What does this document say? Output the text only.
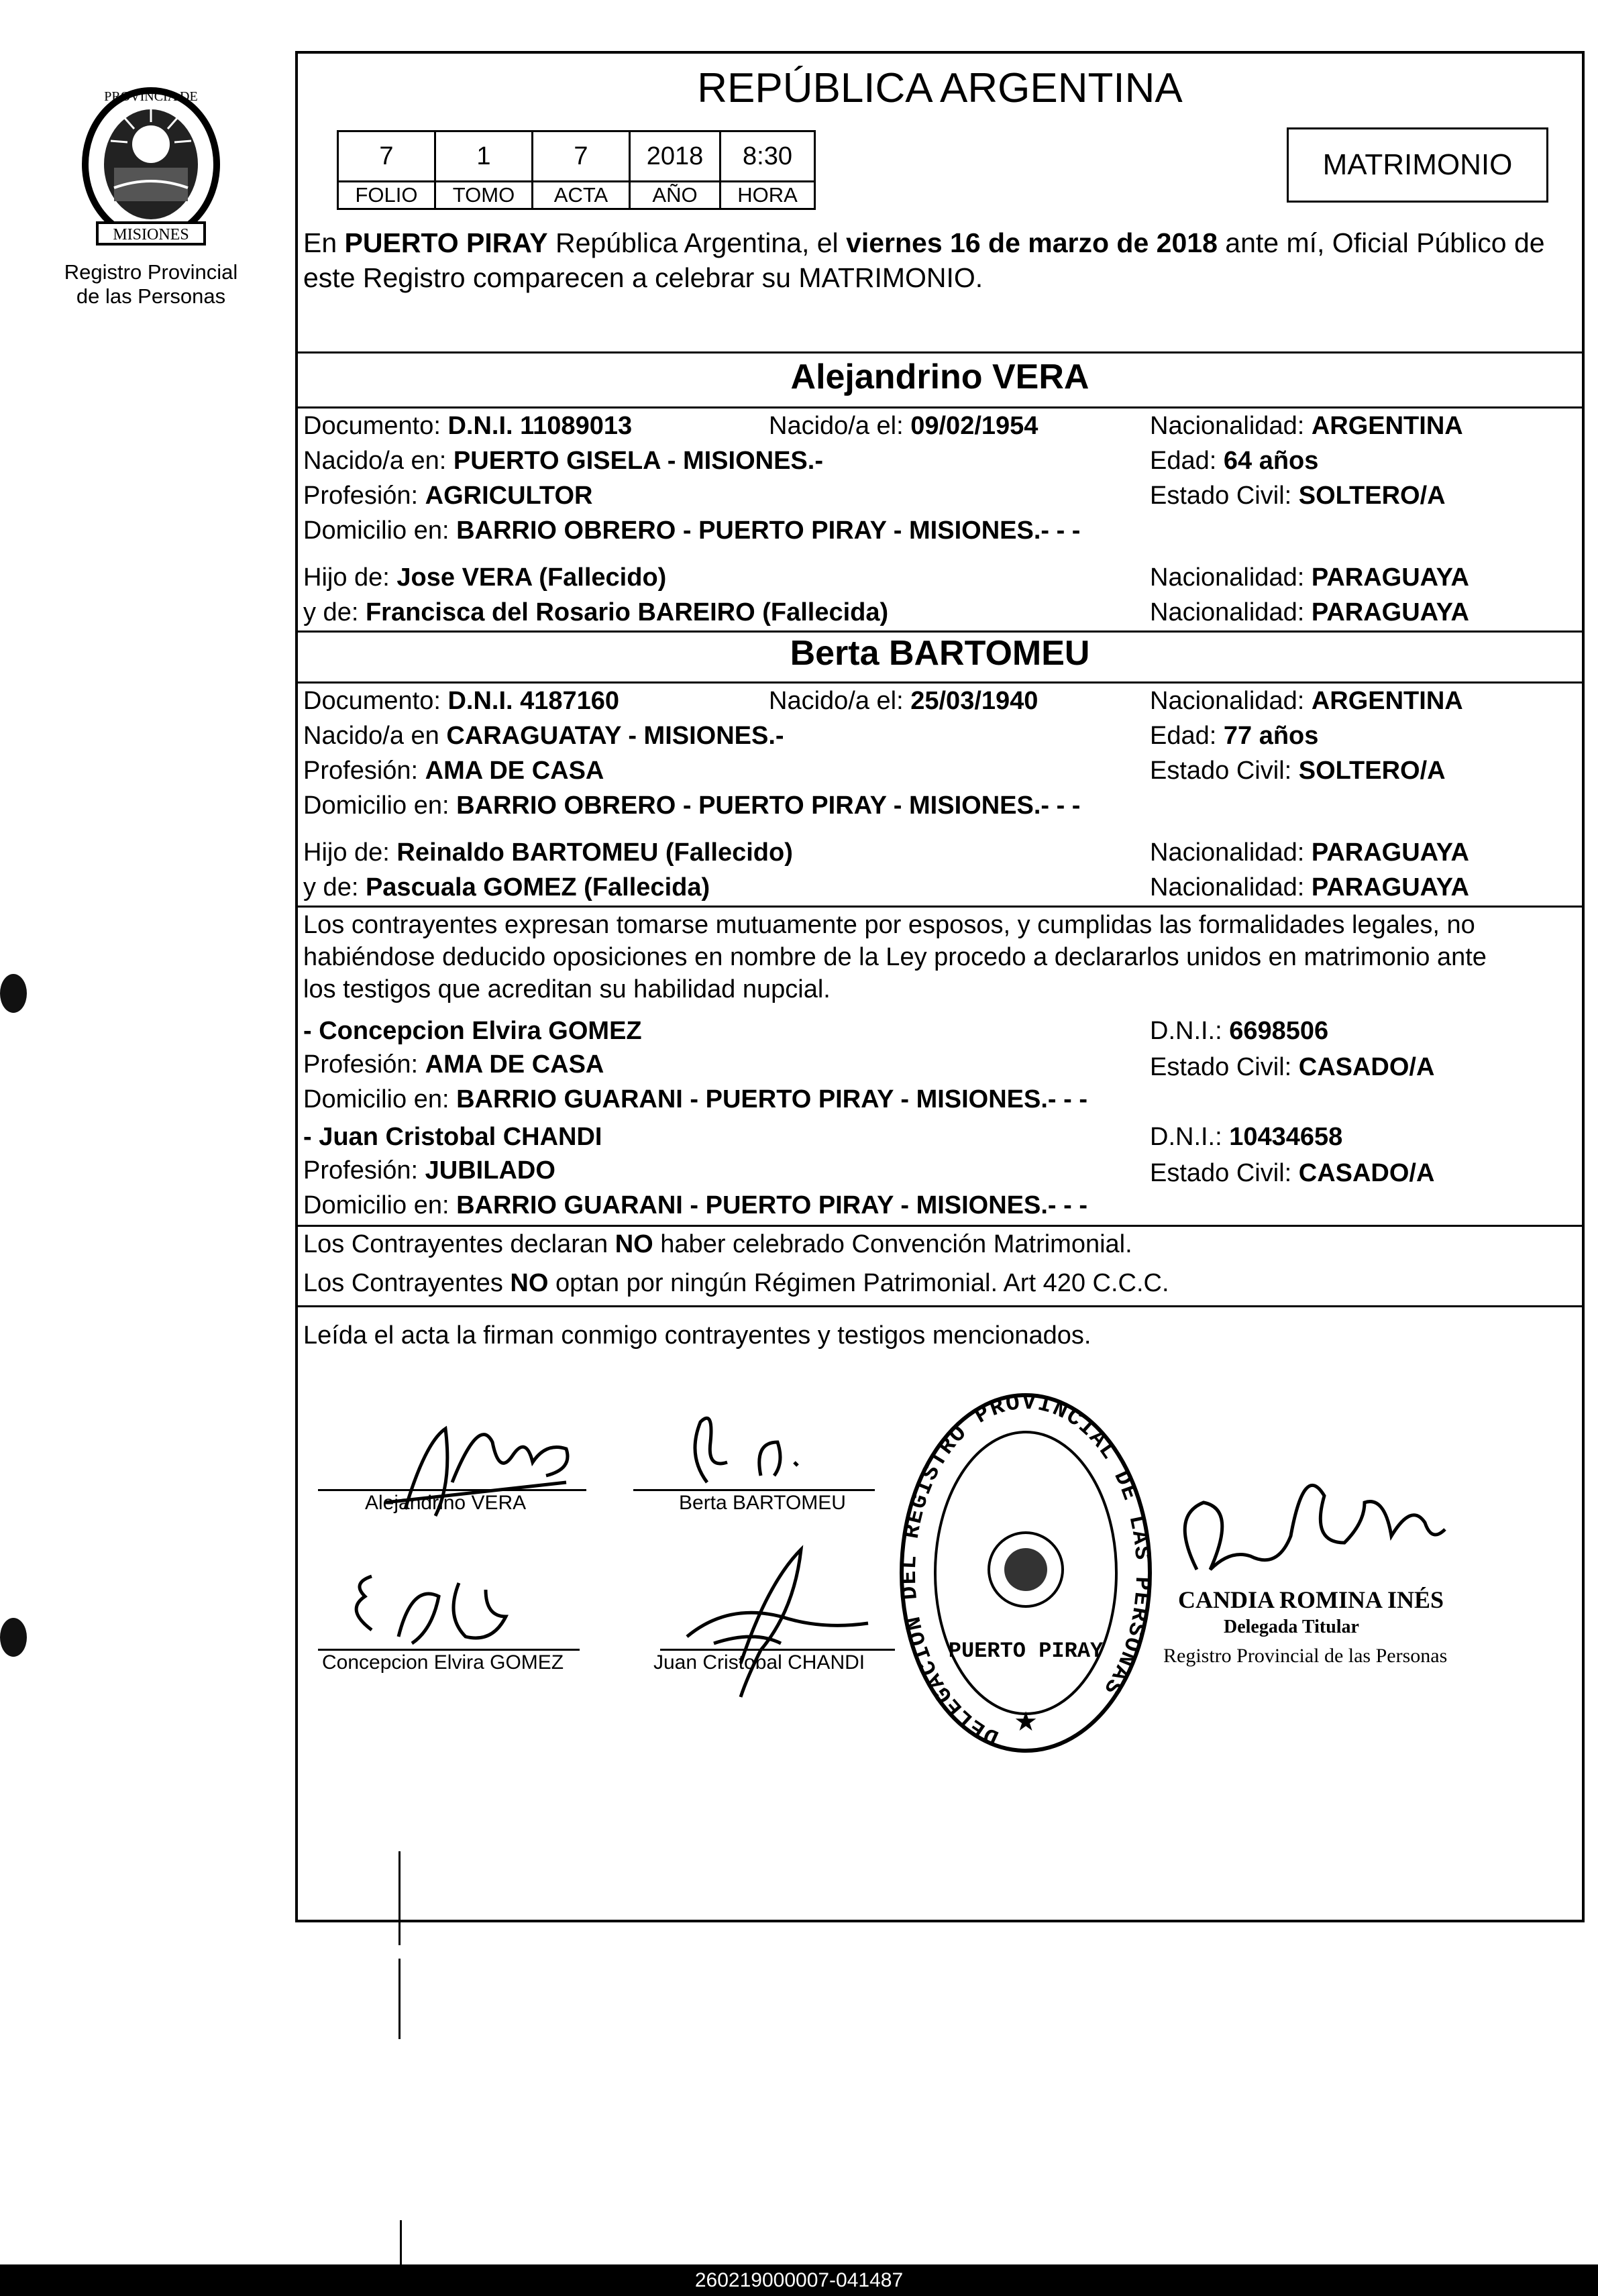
PROVINCIA DE
MISIONES
Registro Provincial
de las Personas
REPÚBLICA ARGENTINA
7	1	7	2018	8:30
FOLIO	TOMO	ACTA	AÑO	HORA
MATRIMONIO
En PUERTO PIRAY República Argentina, el viernes 16 de marzo de 2018 ante mí, Oficial Público de este Registro comparecen a celebrar su MATRIMONIO.
Alejandrino VERA
Documento: D.N.I. 11089013	Nacido/a el: 09/02/1954	Nacionalidad: ARGENTINA
Nacido/a en: PUERTO GISELA - MISIONES.-	Edad: 64 años
Profesión: AGRICULTOR	Estado Civil: SOLTERO/A
Domicilio en: BARRIO OBRERO - PUERTO PIRAY - MISIONES.- - -
Hijo de: Jose VERA (Fallecido)	Nacionalidad: PARAGUAYA
y de: Francisca del Rosario BAREIRO (Fallecida)	Nacionalidad: PARAGUAYA
Berta BARTOMEU
Documento: D.N.I. 4187160	Nacido/a el: 25/03/1940	Nacionalidad: ARGENTINA
Nacido/a en CARAGUATAY - MISIONES.-	Edad: 77 años
Profesión: AMA DE CASA	Estado Civil: SOLTERO/A
Domicilio en: BARRIO OBRERO - PUERTO PIRAY - MISIONES.- - -
Hijo de: Reinaldo BARTOMEU (Fallecido)	Nacionalidad: PARAGUAYA
y de: Pascuala GOMEZ (Fallecida)	Nacionalidad: PARAGUAYA
Los contrayentes expresan tomarse mutuamente por esposos, y cumplidas las formalidades legales, no
habiéndose deducido oposiciones en nombre de la Ley procedo a declararlos unidos en matrimonio ante
los testigos que acreditan su habilidad nupcial.
- Concepcion Elvira GOMEZ	D.N.I.: 6698506
Profesión: AMA DE CASA	Estado Civil: CASADO/A
Domicilio en: BARRIO GUARANI - PUERTO PIRAY - MISIONES.- - -
- Juan Cristobal CHANDI	D.N.I.: 10434658
Profesión: JUBILADO	Estado Civil: CASADO/A
Domicilio en: BARRIO GUARANI - PUERTO PIRAY - MISIONES.- - -
Los Contrayentes declaran NO haber celebrado Convención Matrimonial.
Los Contrayentes NO optan por ningún Régimen Patrimonial. Art 420 C.C.C.
Leída el acta la firman conmigo contrayentes y testigos mencionados.
Alejandrino VERA	Berta BARTOMEU
Concepcion Elvira GOMEZ	Juan Cristobal CHANDI
DELEGACION DEL REGISTRO PROVINCIAL DE LAS PERSONAS
PUERTO PIRAY
★
CANDIA ROMINA INÉS
Delegada Titular
Registro Provincial de las Personas
260219000007-041487
